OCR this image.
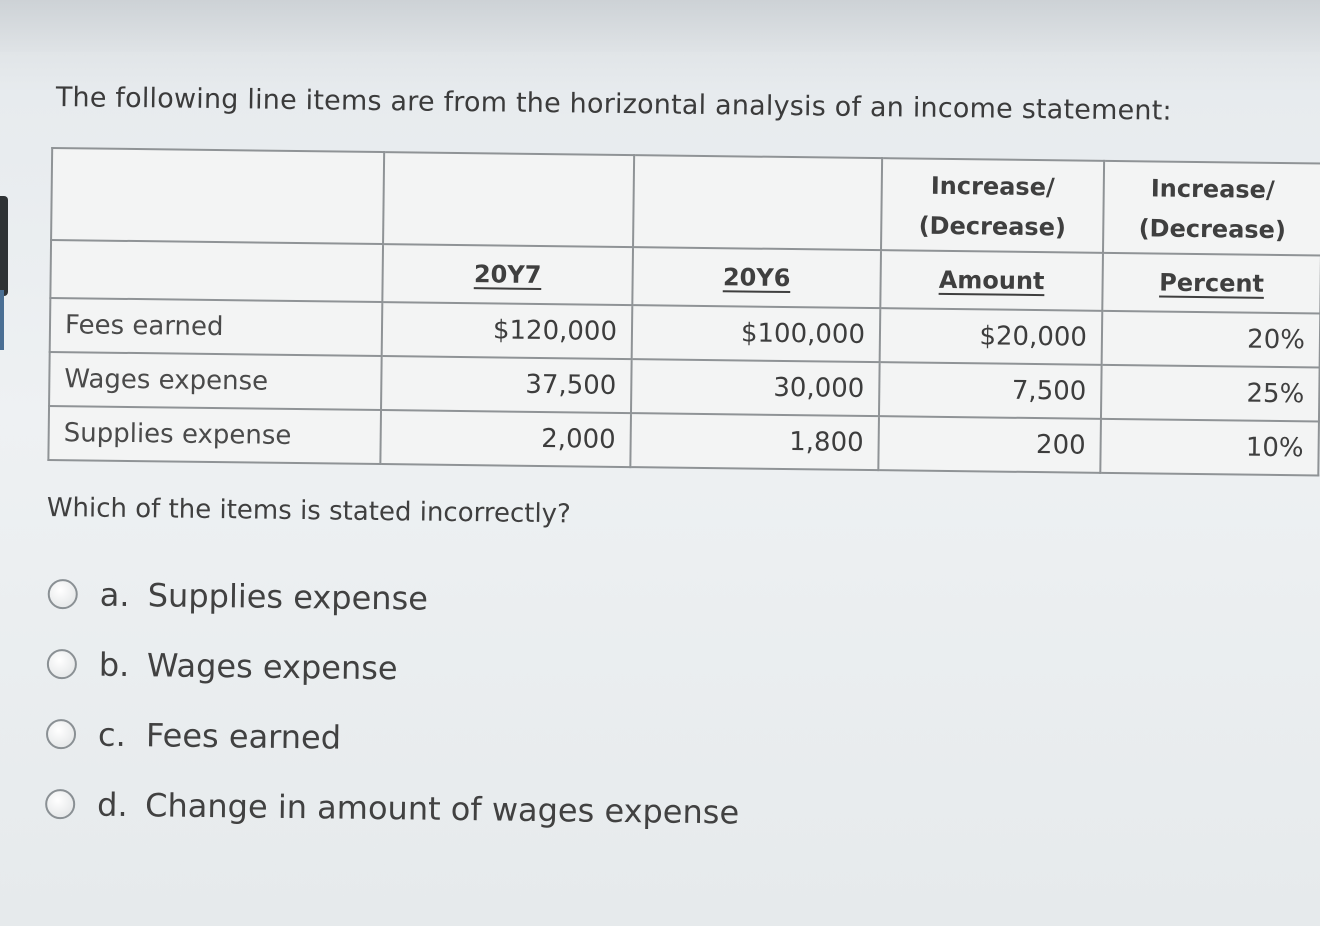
The following line items are from the horizontal analysis of an income statement:
			Increase/ (Decrease)	Increase/ (Decrease)
	20Y7	20Y6	Amount	Percent
Fees earned	$120,000	$100,000	$20,000	20%
Wages expense	37,500	30,000	7,500	25%
Supplies expense	2,000	1,800	200	10%
Which of the items is stated incorrectly?
a. Supplies expense
b. Wages expense
c. Fees earned
d. Change in amount of wages expense
